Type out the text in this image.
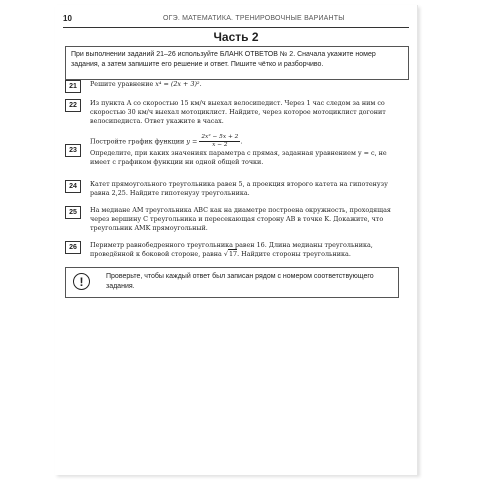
10	ОГЭ. МАТЕМАТИКА. ТРЕНИРОВОЧНЫЕ ВАРИАНТЫ
Часть 2
При выполнении заданий 21–26 используйте БЛАНК ОТВЕТОВ № 2. Сначала укажите номер задания, а затем запишите его решение и ответ. Пишите чётко и разборчиво.
21	Решите уравнение x⁴ = (2x + 3)².
22	Из пункта A со скоростью 15 км/ч выехал велосипедист. Через 1 час следом за ним со скоростью 30 км/ч выехал мотоциклист. Найдите, через которое мотоциклист догонит велосипедиста. Ответ укажите в часах.
23
Постройте график функции $y = \frac{\text{2x² − 5x + 2}}{x - 2}$ .
Определите, при каких значениях параметра c прямая, заданная уравнением y = c, не имеет с графиком функции ни одной общей точки.
24	Катет прямоугольного треугольника равен 5, а проекция второго катета на гипотенузу равна 2,25. Найдите гипотенузу треугольника.
25	На медиане AM треугольника ABC как на диаметре построена окружность, проходящая через вершину C треугольника и пересекающая сторону AB в точке K. Докажите, что треугольник AMK прямоугольный.
26	Периметр равнобедренного треугольника равен 16. Длина медианы треугольника, проведённой к боковой стороне, равна √17. Найдите стороны треугольника.
!	Проверьте, чтобы каждый ответ был записан рядом с номером соответствующего задания.
